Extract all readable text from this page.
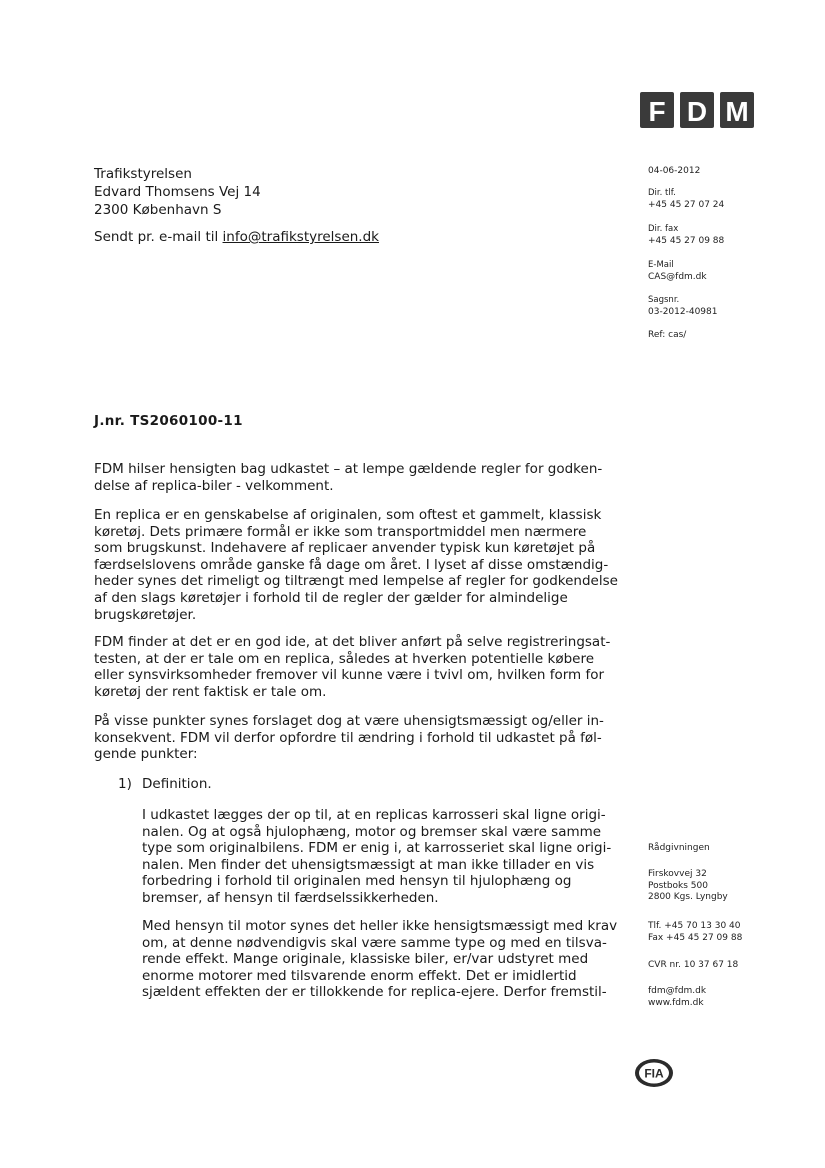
F D M
Trafikstyrelsen
Edvard Thomsens Vej 14
2300 København S
Sendt pr. e-mail til info@trafikstyrelsen.dk
04-06-2012
Dir. tlf.
+45 45 27 07 24
Dir. fax
+45 45 27 09 88
E-Mail
CAS@fdm.dk
Sagsnr.
03-2012-40981
Ref: cas/
J.nr. TS2060100-11

FDM hilser hensigten bag udkastet – at lempe gældende regler for godken-

delse af replica-biler - velkomment.

En replica er en genskabelse af originalen, som oftest et gammelt, klassisk

køretøj. Dets primære formål er ikke som transportmiddel men nærmere

som brugskunst. Indehavere af replicaer anvender typisk kun køretøjet på

færdselslovens område ganske få dage om året. I lyset af disse omstændig-

heder synes det rimeligt og tiltrængt med lempelse af regler for godkendelse

af den slags køretøjer i forhold til de regler der gælder for almindelige

brugskøretøjer.

FDM finder at det er en god ide, at det bliver anført på selve registreringsat-

testen, at der er tale om en replica, således at hverken potentielle købere

eller synsvirksomheder fremover vil kunne være i tvivl om, hvilken form for

køretøj der rent faktisk er tale om.

På visse punkter synes forslaget dog at være uhensigtsmæssigt og/eller in-

konsekvent. FDM vil derfor opfordre til ændring i forhold til udkastet på føl-

gende punkter:

1) Definition.
I udkastet lægges der op til, at en replicas karrosseri skal ligne origi-
nalen. Og at også hjulophæng, motor og bremser skal være samme
type som originalbilens. FDM er enig i, at karrosseriet skal ligne origi-
nalen. Men finder det uhensigtsmæssigt at man ikke tillader en vis
forbedring i forhold til originalen med hensyn til hjulophæng og
bremser, af hensyn til færdselssikkerheden.
Med hensyn til motor synes det heller ikke hensigtsmæssigt med krav
om, at denne nødvendigvis skal være samme type og med en tilsva-
rende effekt. Mange originale, klassiske biler, er/var udstyret med
enorme motorer med tilsvarende enorm effekt. Det er imidlertid
sjældent effekten der er tillokkende for replica-ejere. Derfor fremstil-
Rådgivningen
Firskovvej 32
Postboks 500
2800 Kgs. Lyngby
Tlf. +45 70 13 30 40
Fax +45 45 27 09 88
CVR nr. 10 37 67 18
fdm@fdm.dk
www.fdm.dk
FIA
